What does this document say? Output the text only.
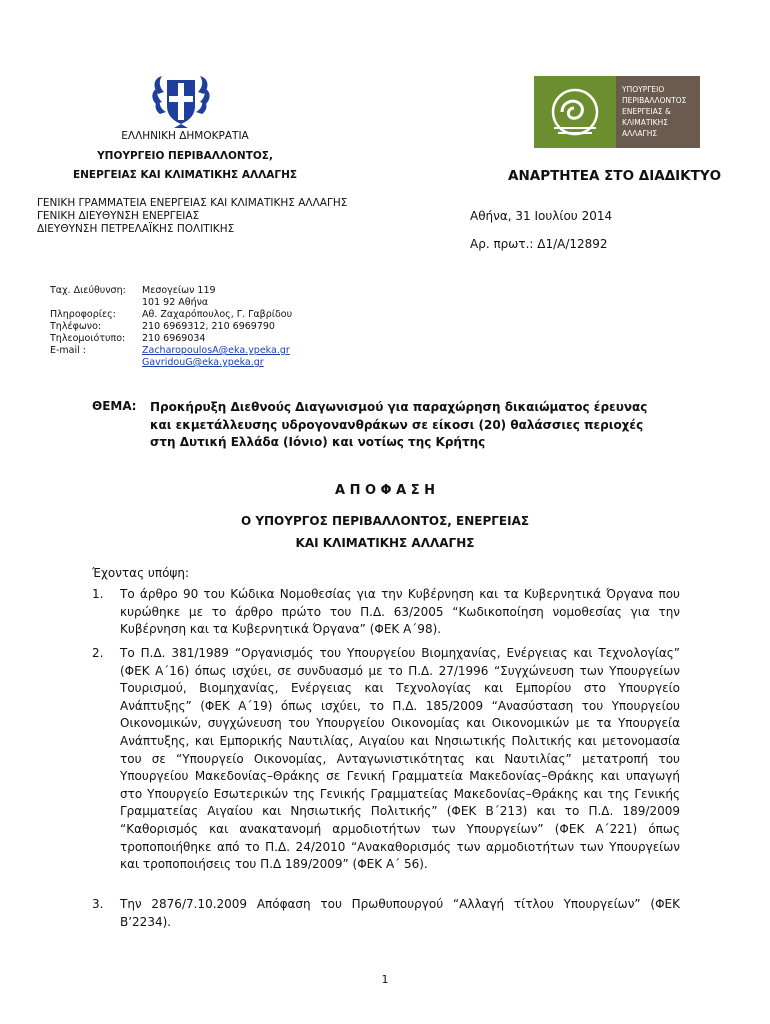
ΕΛΛΗΝΙΚΗ ΔΗΜΟΚΡΑΤΙΑ
ΥΠΟΥΡΓΕΙΟ ΠΕΡΙΒΑΛΛΟΝΤΟΣ,
ΕΝΕΡΓΕΙΑΣ ΚΑΙ ΚΛΙΜΑΤΙΚΗΣ ΑΛΛΑΓΗΣ
ΓΕΝΙΚΗ ΓΡΑΜΜΑΤΕΙΑ ΕΝΕΡΓΕΙΑΣ ΚΑΙ ΚΛΙΜΑΤΙΚΗΣ ΑΛΛΑΓΗΣ
ΓΕΝΙΚΗ ΔΙΕΥΘΥΝΣΗ ΕΝΕΡΓΕΙΑΣ
ΔΙΕΥΘΥΝΣΗ ΠΕΤΡΕΛΑΪΚΗΣ ΠΟΛΙΤΙΚΗΣ
ΥΠΟΥΡΓΕΙΟ
ΠΕΡΙΒΑΛΛΟΝΤΟΣ
ΕΝΕΡΓΕΙΑΣ &
ΚΛΙΜΑΤΙΚΗΣ
ΑΛΛΑΓΗΣ
ΑΝΑΡΤΗΤΕΑ ΣΤΟ ΔΙΑΔΙΚΤΥΟ
Αθήνα, 31 Ιουλίου 2014
Αρ. πρωτ.: Δ1/Α/12892
Ταχ. Διεύθυνση: Μεσογείων 119
101 92 Αθήνα
Πληροφορίες:	Αθ. Ζαχαρόπουλος, Γ. Γαβρίδου
Τηλέφωνο:	210 6969312, 210 6969790
Τηλεομοιότυπο: 210 6969034
E-mail :	ZacharopoulosA@eka.ypeka.gr
GavridouG@eka.ypeka.gr
ΘΕΜΑ: Προκήρυξη Διεθνούς Διαγωνισμού για παραχώρηση δικαιώματος έρευνας
και εκμετάλλευσης υδρογονανθράκων σε είκοσι (20) θαλάσσιες περιοχές
στη Δυτική Ελλάδα (Ιόνιο) και νοτίως της Κρήτης
Α Π Ο Φ Α Σ Η
Ο ΥΠΟΥΡΓΟΣ ΠΕΡΙΒΑΛΛΟΝΤΟΣ, ΕΝΕΡΓΕΙΑΣ
ΚΑΙ ΚΛΙΜΑΤΙΚΗΣ ΑΛΛΑΓΗΣ
Έχοντας υπόψη:
1.	Το άρθρο 90 του Κώδικα Νομοθεσίας για την Κυβέρνηση και τα Κυβερνητικά Όργανα που κυρώθηκε με το άρθρο πρώτο του Π.Δ. 63/2005 “Κωδικοποίηση νομοθεσίας για την Κυβέρνηση και τα Κυβερνητικά Όργανα” (ΦΕΚ Α΄98).
2.	Το Π.Δ. 381/1989 “Οργανισμός του Υπουργείου Βιομηχανίας, Ενέργειας και Τεχνολογίας” (ΦΕΚ Α΄16) όπως ισχύει, σε συνδυασμό με το Π.Δ. 27/1996 “Συγχώνευση των Υπουργείων Τουρισμού, Βιομηχανίας, Ενέργειας και Τεχνολογίας και Εμπορίου στο Υπουργείο Ανάπτυξης” (ΦΕΚ Α΄19) όπως ισχύει, το Π.Δ. 185/2009 “Ανασύσταση του Υπουργείου Οικονομικών, συγχώνευση του Υπουργείου Οικονομίας και Οικονομικών με τα Υπουργεία Ανάπτυξης, και Εμπορικής Ναυτιλίας, Αιγαίου και Νησιωτικής Πολιτικής και μετονομασία του σε “Υπουργείο Οικονομίας, Ανταγωνιστικότητας και Ναυτιλίας” μετατροπή του Υπουργείου Μακεδονίας–Θράκης σε Γενική Γραμματεία Μακεδονίας–Θράκης και υπαγωγή στο Υπουργείο Εσωτερικών της Γενικής Γραμματείας Μακεδονίας–Θράκης και της Γενικής Γραμματείας Αιγαίου και Νησιωτικής Πολιτικής” (ΦΕΚ Β΄213) και το Π.Δ. 189/2009 “Καθορισμός και ανακατανομή αρμοδιοτήτων των Υπουργείων” (ΦΕΚ Α΄221) όπως τροποποιήθηκε από το Π.Δ. 24/2010 “Ανακαθορισμός των αρμοδιοτήτων των Υπουργείων και τροποποιήσεις του Π.Δ 189/2009” (ΦΕΚ Α΄ 56).
3.	Την 2876/7.10.2009 Απόφαση του Πρωθυπουργού “Αλλαγή τίτλου Υπουργείων” (ΦΕΚ Β’2234).
1
